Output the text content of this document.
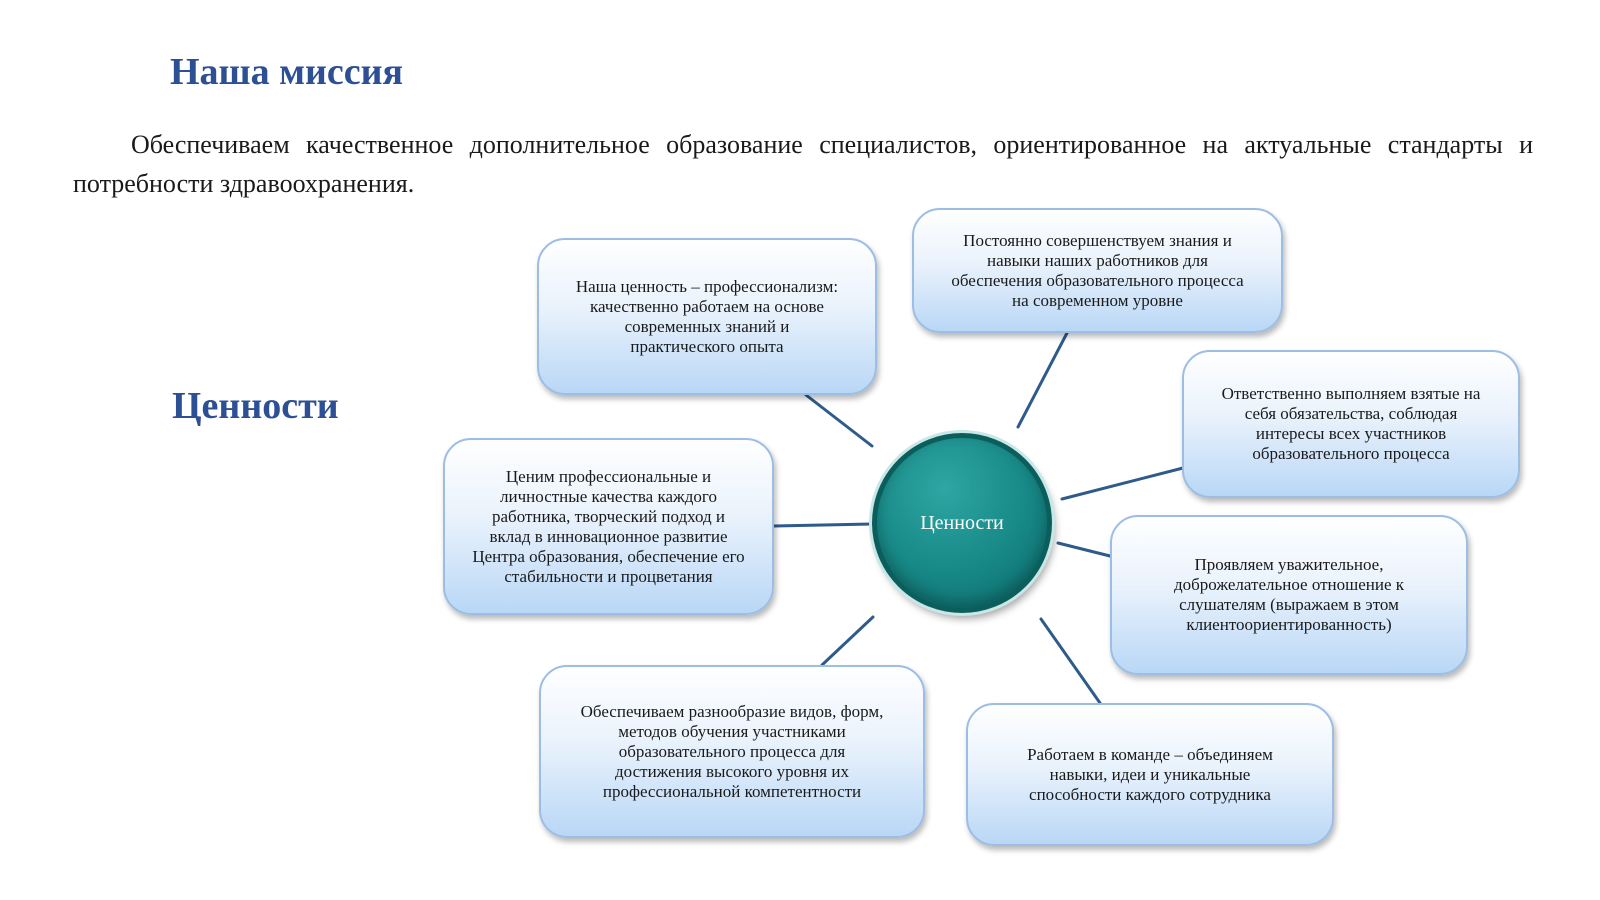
Наша миссия

Обеспечиваем качественное дополнительное образование специалистов, ориентированное на актуальные стандарты и потребности здравоохранения.

Ценности
Наша ценность – профессионализм:
качественно работаем на основе
современных знаний и
практического опыта
Постоянно совершенствуем знания и
навыки наших работников для
обеспечения образовательного процесса
на современном уровне
Ответственно выполняем взятые на
себя обязательства, соблюдая
интересы всех участников
образовательного процесса
Проявляем уважительное,
доброжелательное отношение к
слушателям (выражаем в этом
клиентоориентированность)
Работаем в команде – объединяем
навыки, идеи и уникальные
способности каждого сотрудника
Обеспечиваем разнообразие видов, форм,
методов обучения участниками
образовательного процесса для
достижения высокого уровня их
профессиональной компетентности
Ценим профессиональные и
личностные качества каждого
работника, творческий подход и
вклад в инновационное развитие
Центра образования, обеспечение его
стабильности и процветания
Ценности
